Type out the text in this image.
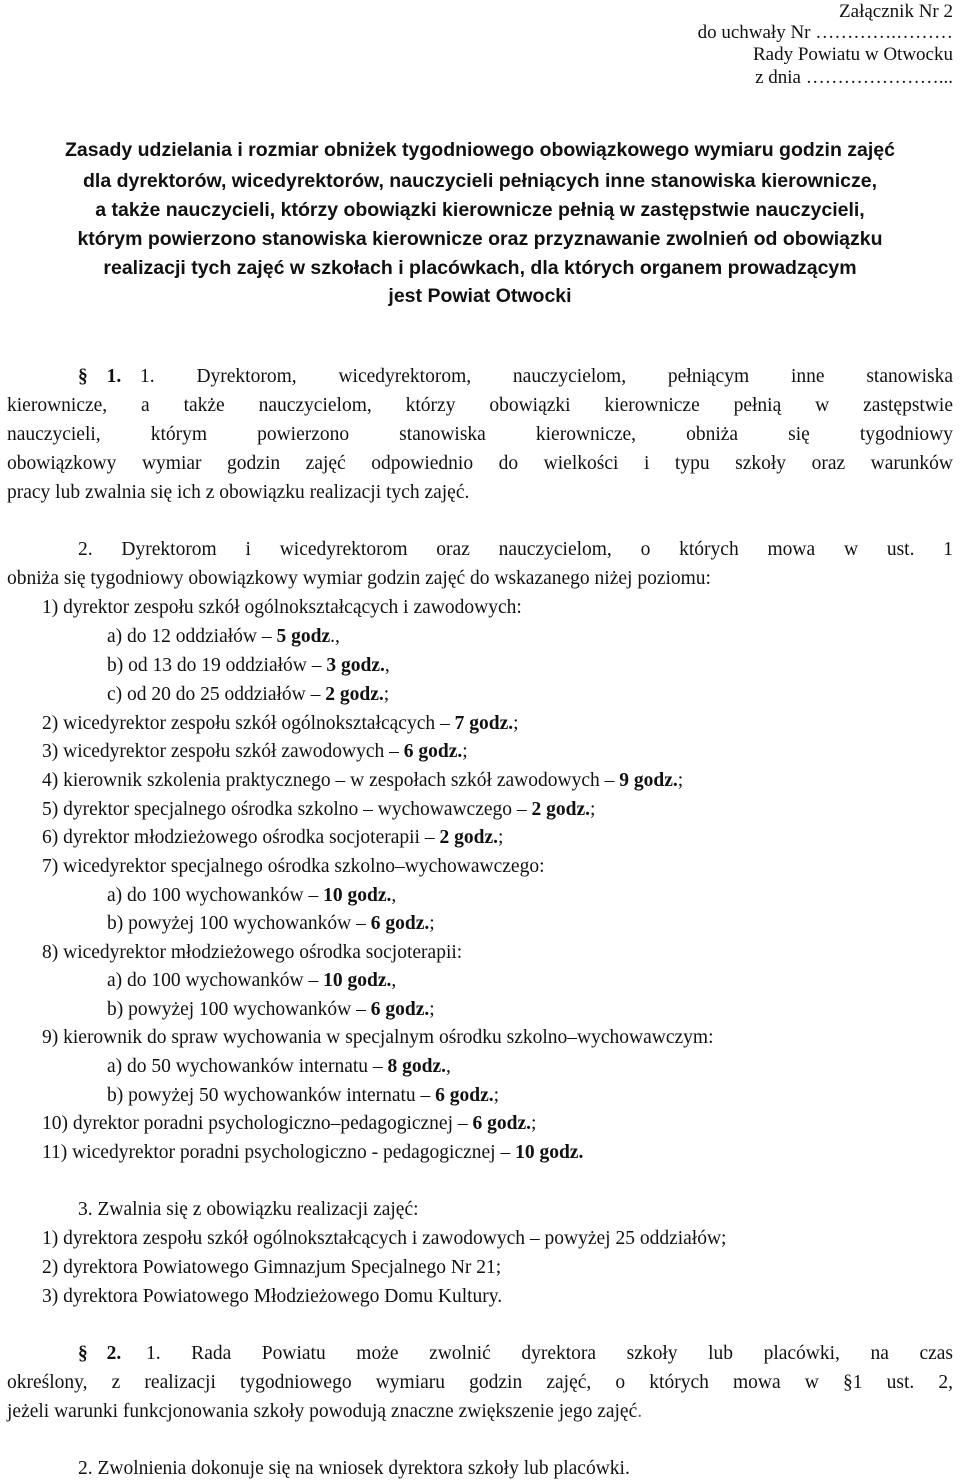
Załącznik Nr 2
do uchwały Nr ………….………
Rady Powiatu w Otwocku
z dnia …………………...
Zasady udzielania i rozmiar obniżek tygodniowego obowiązkowego wymiaru godzin zajęć
dla dyrektorów, wicedyrektorów, nauczycieli pełniących inne stanowiska kierownicze,
a także nauczycieli, którzy obowiązki kierownicze pełnią w zastępstwie nauczycieli,
którym powierzono stanowiska kierownicze oraz przyznawanie zwolnień od obowiązku
realizacji tych zajęć w szkołach i placówkach, dla których organem prowadzącym
jest Powiat Otwocki
§ 1. 1. Dyrektorom, wicedyrektorom, nauczycielom, pełniącym inne stanowiska
kierownicze, a także nauczycielom, którzy obowiązki kierownicze pełnią w zastępstwie
nauczycieli, którym powierzono stanowiska kierownicze, obniża się tygodniowy
obowiązkowy wymiar godzin zajęć odpowiednio do wielkości i typu szkoły oraz warunków
pracy lub zwalnia się ich z obowiązku realizacji tych zajęć.
2. Dyrektorom i wicedyrektorom oraz nauczycielom, o których mowa w ust. 1
obniża się tygodniowy obowiązkowy wymiar godzin zajęć do wskazanego niżej poziomu:
1) dyrektor zespołu szkół ogólnokształcących i zawodowych:
a) do 12 oddziałów – 5 godz.,
b) od 13 do 19 oddziałów – 3 godz.,
c) od 20 do 25 oddziałów – 2 godz.;
2) wicedyrektor zespołu szkół ogólnokształcących – 7 godz.;
3) wicedyrektor zespołu szkół zawodowych – 6 godz.;
4) kierownik szkolenia praktycznego – w zespołach szkół zawodowych – 9 godz.;
5) dyrektor specjalnego ośrodka szkolno – wychowawczego – 2 godz.;
6) dyrektor młodzieżowego ośrodka socjoterapii – 2 godz.;
7) wicedyrektor specjalnego ośrodka szkolno–wychowawczego:
a) do 100 wychowanków – 10 godz.,
b) powyżej 100 wychowanków – 6 godz.;
8) wicedyrektor młodzieżowego ośrodka socjoterapii:
a) do 100 wychowanków – 10 godz.,
b) powyżej 100 wychowanków – 6 godz.;
9) kierownik do spraw wychowania w specjalnym ośrodku szkolno–wychowawczym:
a) do 50 wychowanków internatu – 8 godz.,
b) powyżej 50 wychowanków internatu – 6 godz.;
10) dyrektor poradni psychologiczno–pedagogicznej – 6 godz.;
11) wicedyrektor poradni psychologiczno - pedagogicznej – 10 godz.
3. Zwalnia się z obowiązku realizacji zajęć:
1) dyrektora zespołu szkół ogólnokształcących i zawodowych – powyżej 25 oddziałów;
2) dyrektora Powiatowego Gimnazjum Specjalnego Nr 21;
3) dyrektora Powiatowego Młodzieżowego Domu Kultury.
§ 2. 1. Rada Powiatu może zwolnić dyrektora szkoły lub placówki, na czas
określony, z realizacji tygodniowego wymiaru godzin zajęć, o których mowa w §1 ust. 2,
jeżeli warunki funkcjonowania szkoły powodują znaczne zwiększenie jego zajęć.
2. Zwolnienia dokonuje się na wniosek dyrektora szkoły lub placówki.
